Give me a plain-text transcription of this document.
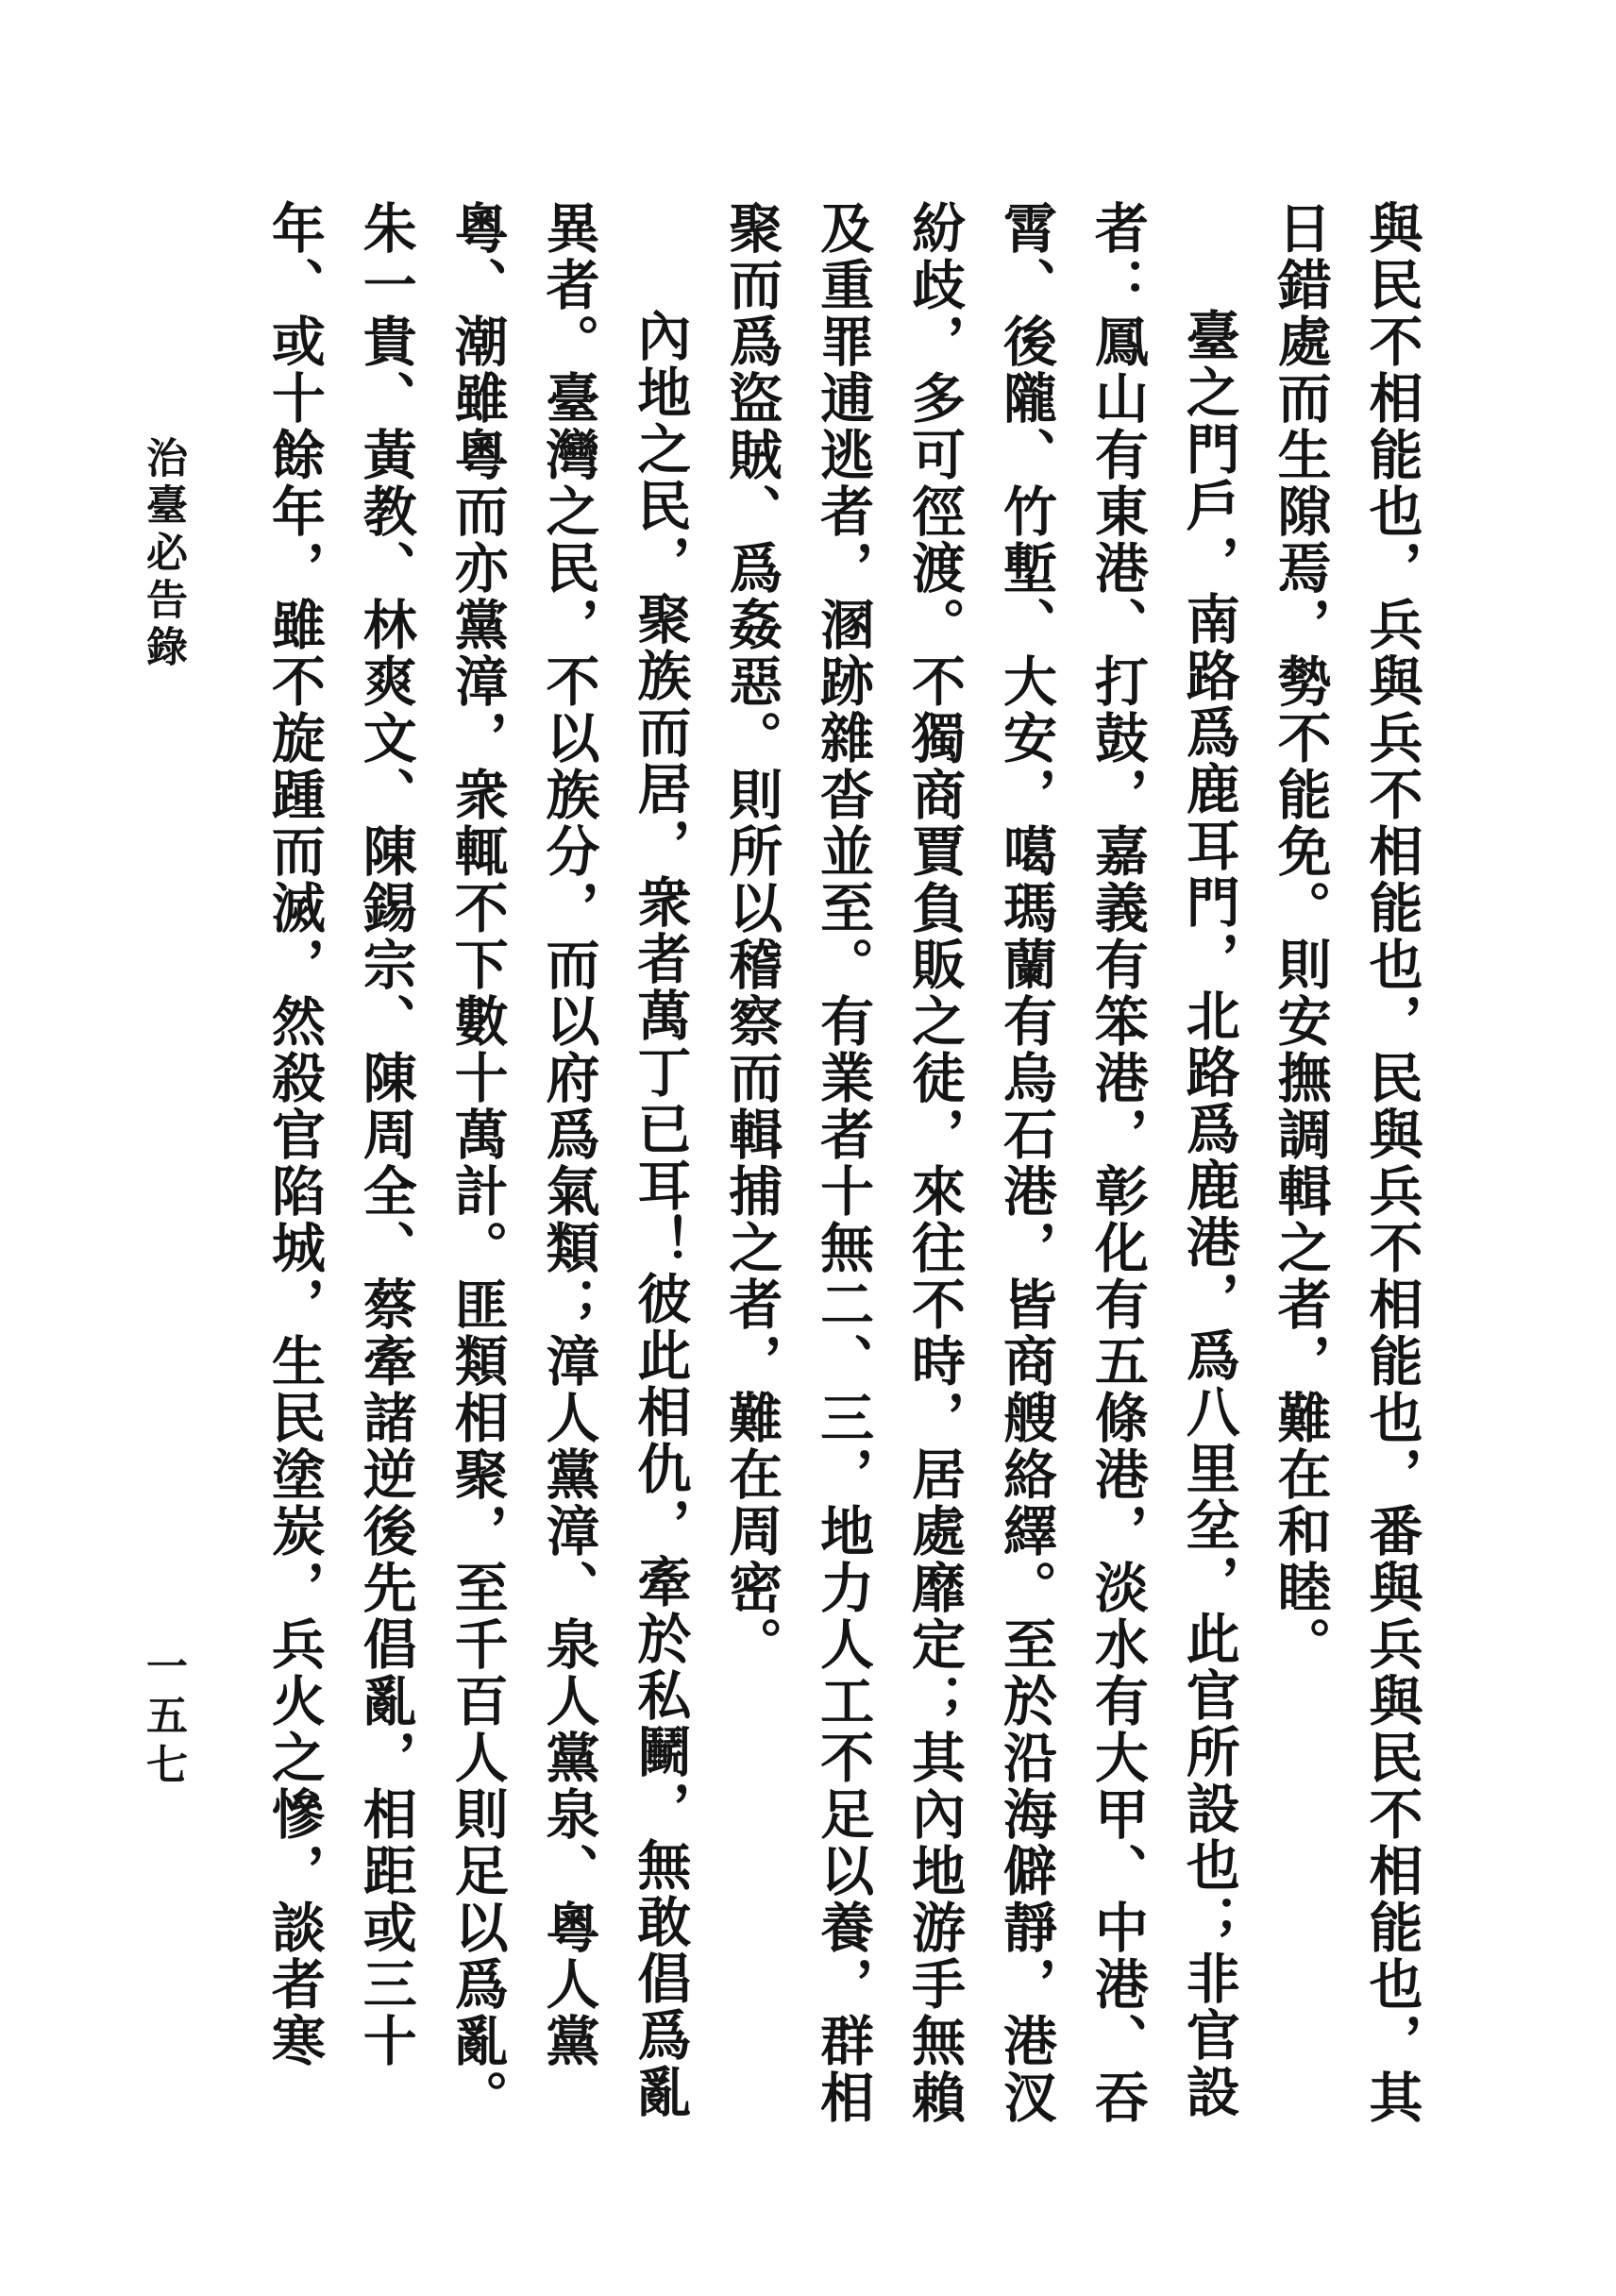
與民不相能也，兵與兵不相能也，民與兵不相能也，番與兵與民不相能也，其日錯處而生隙焉，勢不能免。則安撫調輯之者，難在和睦。

臺之門戶，南路爲鹿耳門，北路爲鹿港，爲八里坌，此官所設也；非官設者：鳳山有東港、打鼓，嘉義有笨港，彰化有五條港，淡水有大甲、中港、吞霄、後隴、竹塹、大安，噶瑪蘭有烏石港，皆商艘絡繹。至於沿海僻靜，港汊紛歧，多可徑渡。不獨商賈負販之徒，來往不時，居處靡定；其內地游手無賴及重罪逋逃者，溷跡雜沓並至。有業者十無二、三，地力人工不足以養，群相聚而爲盜賊、爲姦惡。則所以稽察而輯捕之者，難在周密。

內地之民，聚族而居，衆者萬丁已耳！彼此相仇，牽於私鬭，無敢倡爲亂異者。臺灣之民，不以族分，而以府爲氣類；漳人黨漳、泉人黨泉、粵人黨粵、潮雖粵而亦黨漳，衆輒不下數十萬計。匪類相聚，至千百人則足以爲亂。朱一貴、黃教、林爽文、陳錫宗、陳周全、蔡牽諸逆後先倡亂，相距或三十年、或十餘年，雖不旋踵而滅，然殺官陷城，生民塗炭，兵火之慘，談者寒

治臺必告錄
一五七
